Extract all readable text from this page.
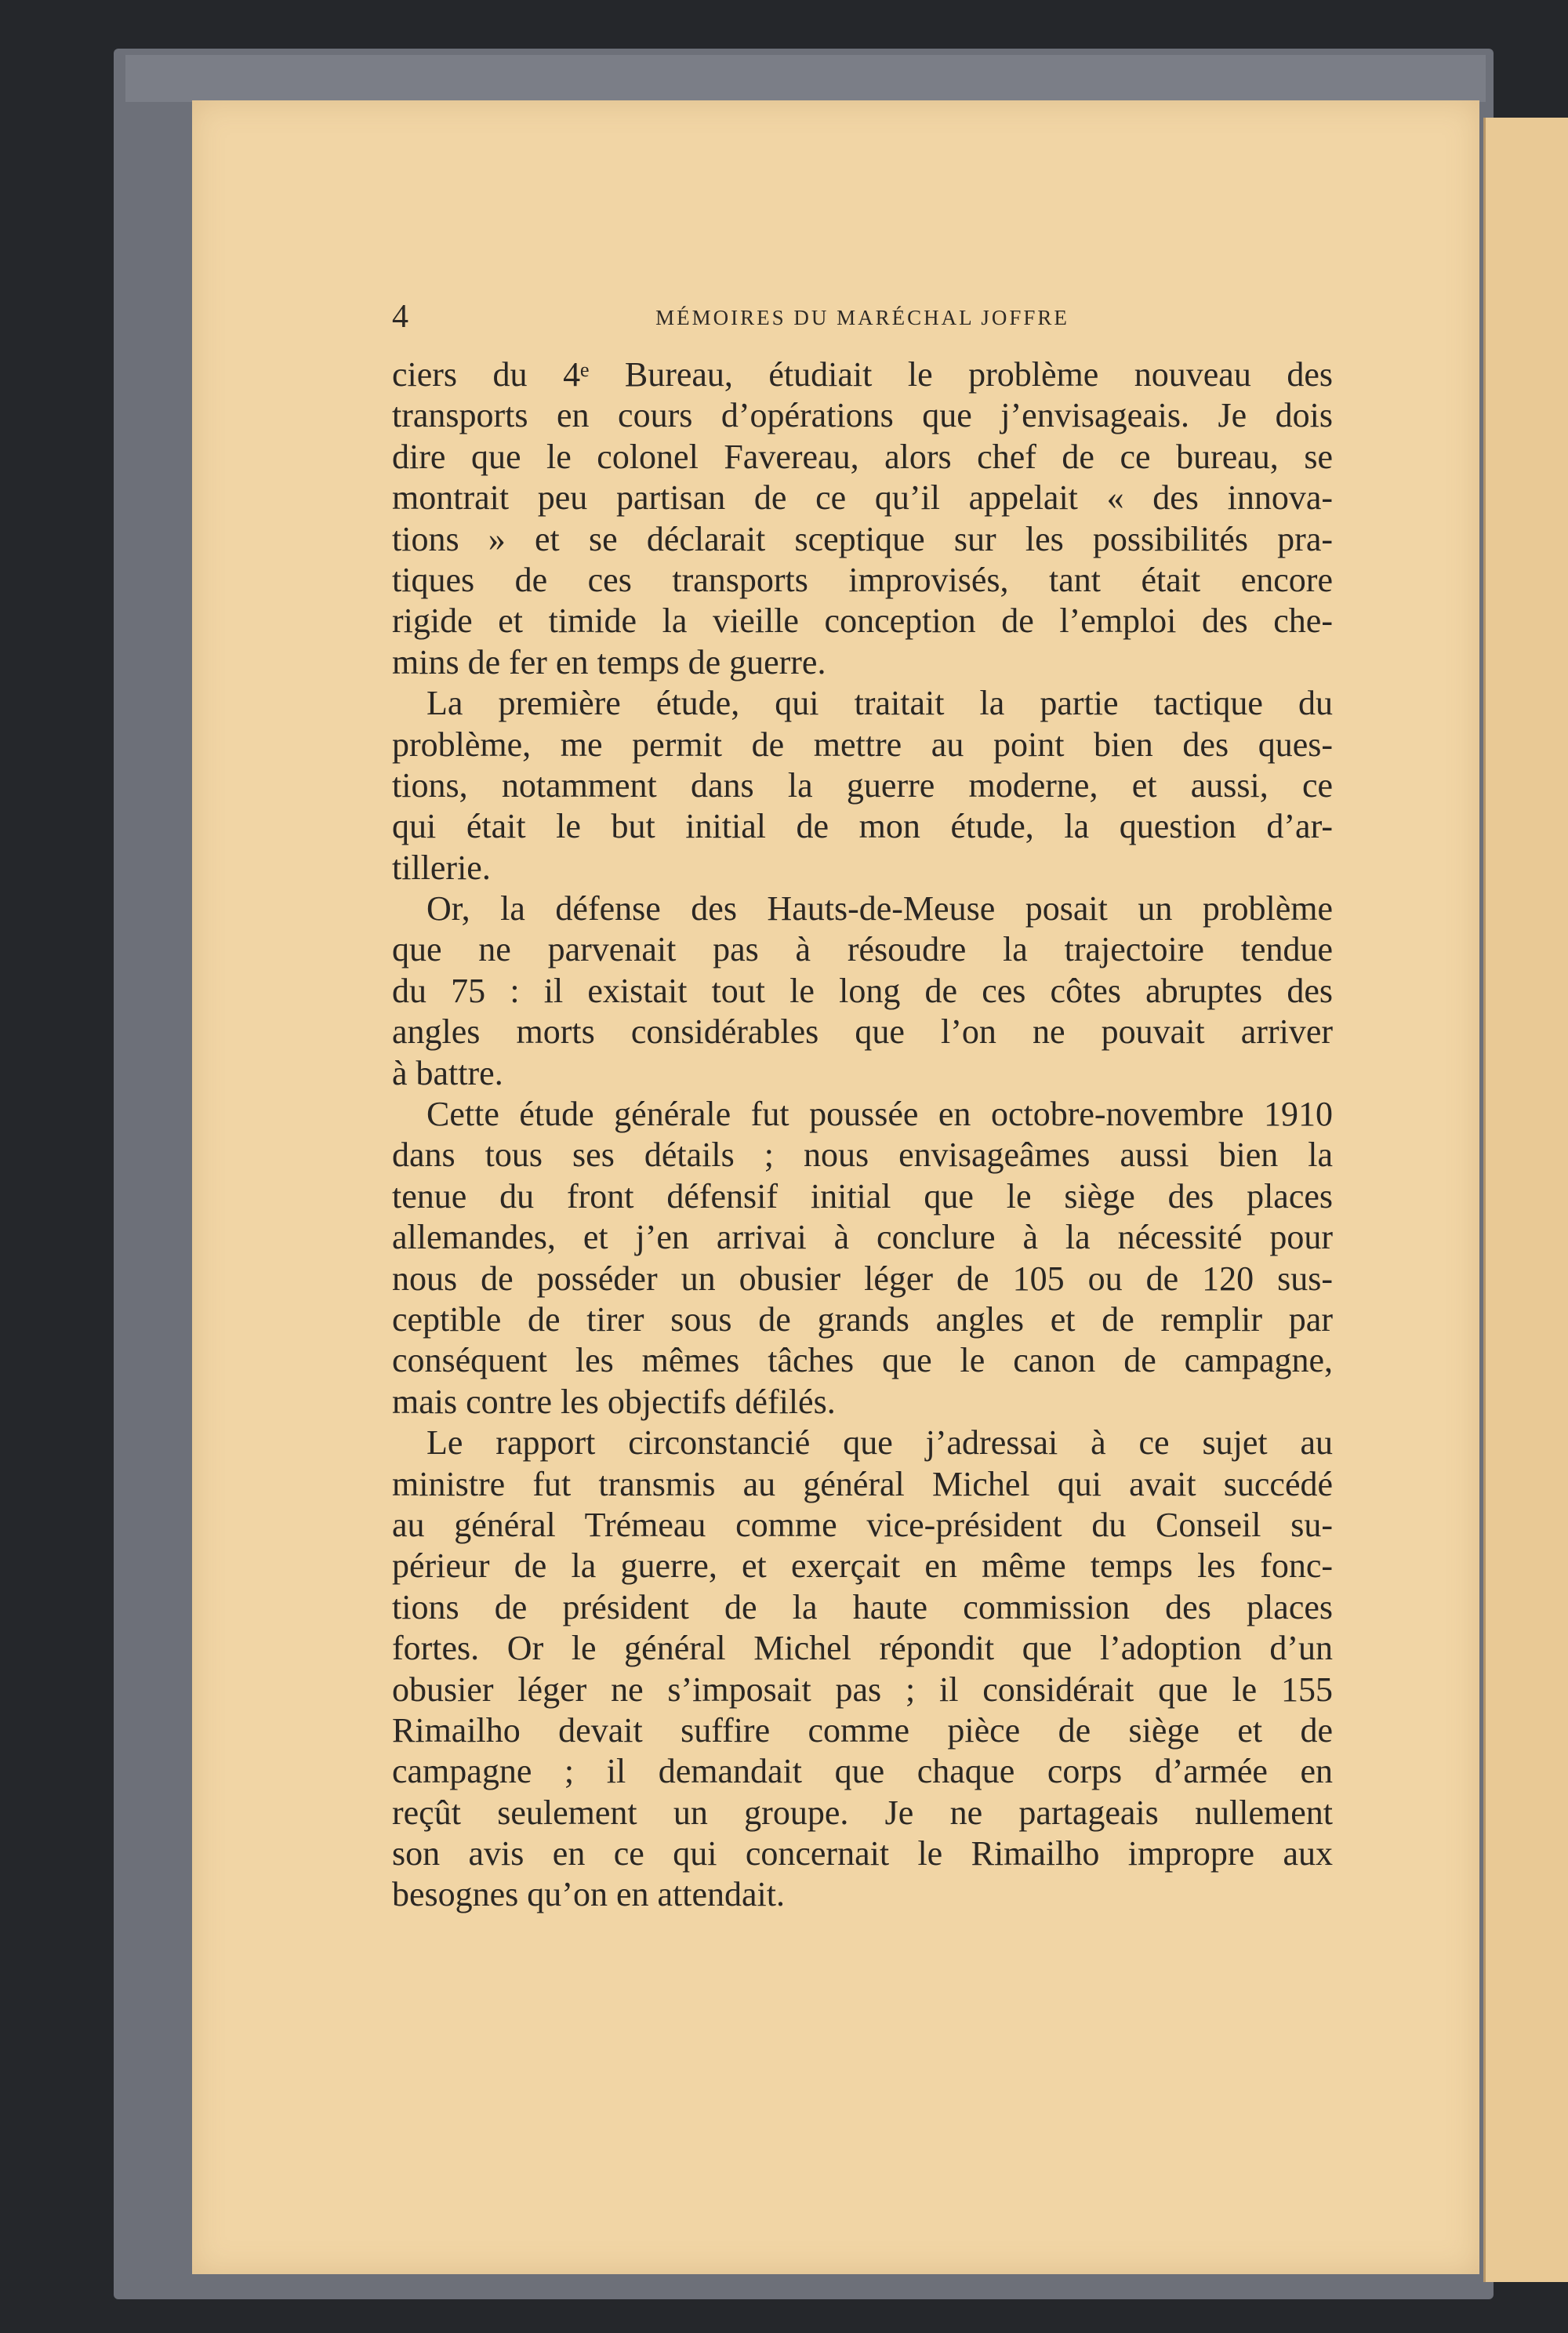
4	MÉMOIRES DU MARÉCHAL JOFFRE
ciers du 4ᵉ Bureau, étudiait le problème nouveau des
transports en cours d’opérations que j’envisageais. Je dois
dire que le colonel Favereau, alors chef de ce bureau, se
montrait peu partisan de ce qu’il appelait « des innova-
tions » et se déclarait sceptique sur les possibilités pra-
tiques de ces transports improvisés, tant était encore
rigide et timide la vieille conception de l’emploi des che-
mins de fer en temps de guerre.
La première étude, qui traitait la partie tactique du
problème, me permit de mettre au point bien des ques-
tions, notamment dans la guerre moderne, et aussi, ce
qui était le but initial de mon étude, la question d’ar-
tillerie.
Or, la défense des Hauts-de-Meuse posait un problème
que ne parvenait pas à résoudre la trajectoire tendue
du 75 : il existait tout le long de ces côtes abruptes des
angles morts considérables que l’on ne pouvait arriver
à battre.
Cette étude générale fut poussée en octobre-novembre 1910
dans tous ses détails ; nous envisageâmes aussi bien la
tenue du front défensif initial que le siège des places
allemandes, et j’en arrivai à conclure à la nécessité pour
nous de posséder un obusier léger de 105 ou de 120 sus-
ceptible de tirer sous de grands angles et de remplir par
conséquent les mêmes tâches que le canon de campagne,
mais contre les objectifs défilés.
Le rapport circonstancié que j’adressai à ce sujet au
ministre fut transmis au général Michel qui avait succédé
au général Trémeau comme vice-président du Conseil su-
périeur de la guerre, et exerçait en même temps les fonc-
tions de président de la haute commission des places
fortes. Or le général Michel répondit que l’adoption d’un
obusier léger ne s’imposait pas ; il considérait que le 155
Rimailho devait suffire comme pièce de siège et de
campagne ; il demandait que chaque corps d’armée en
reçût seulement un groupe. Je ne partageais nullement
son avis en ce qui concernait le Rimailho impropre aux
besognes qu’on en attendait.
